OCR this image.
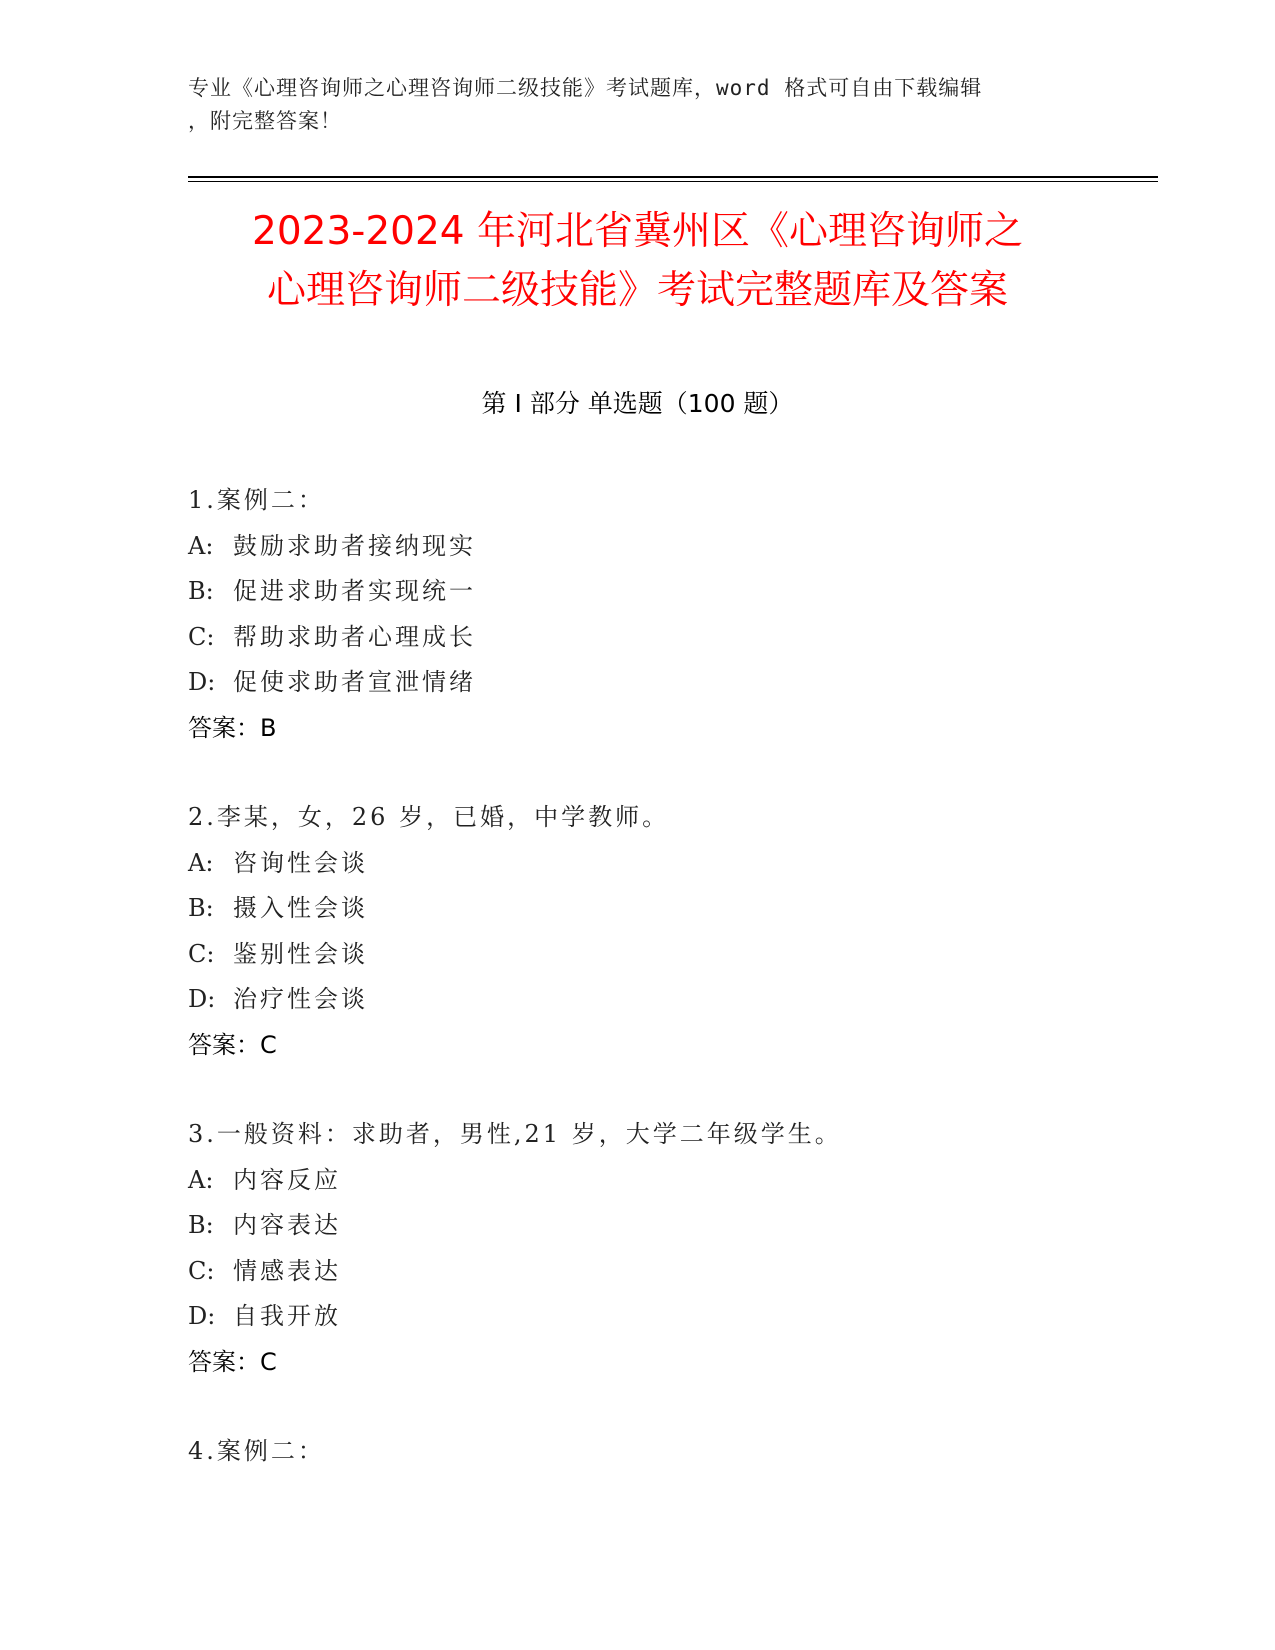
专业《心理咨询师之心理咨询师二级技能》考试题库，word 格式可自由下载编辑
，附完整答案！
2023-2024 年河北省冀州区《心理咨询师之
心理咨询师二级技能》考试完整题库及答案
第 I 部分 单选题（100 题）
1.案例二：
A: 鼓励求助者接纳现实
B: 促进求助者实现统一
C: 帮助求助者心理成长
D: 促使求助者宣泄情绪
答案：B
2.李某，女，26 岁，已婚，中学教师。
A: 咨询性会谈
B: 摄入性会谈
C: 鉴别性会谈
D: 治疗性会谈
答案：C
3.一般资料：求助者，男性,21 岁，大学二年级学生。
A: 内容反应
B: 内容表达
C: 情感表达
D: 自我开放
答案：C
4.案例二：
